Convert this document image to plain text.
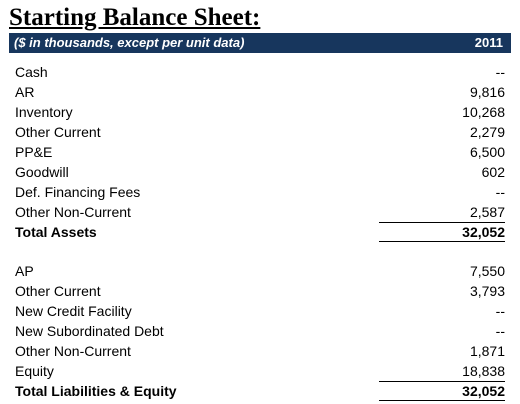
Starting Balance Sheet:
($ in thousands, except per unit data)	2011
Cash	--
AR	9,816
Inventory	10,268
Other Current	2,279
PP&E	6,500
Goodwill	602
Def. Financing Fees	--
Other Non-Current	2,587
Total Assets	32,052
AP	7,550
Other Current	3,793
New Credit Facility	--
New Subordinated Debt	--
Other Non-Current	1,871
Equity	18,838
Total Liabilities & Equity	32,052
